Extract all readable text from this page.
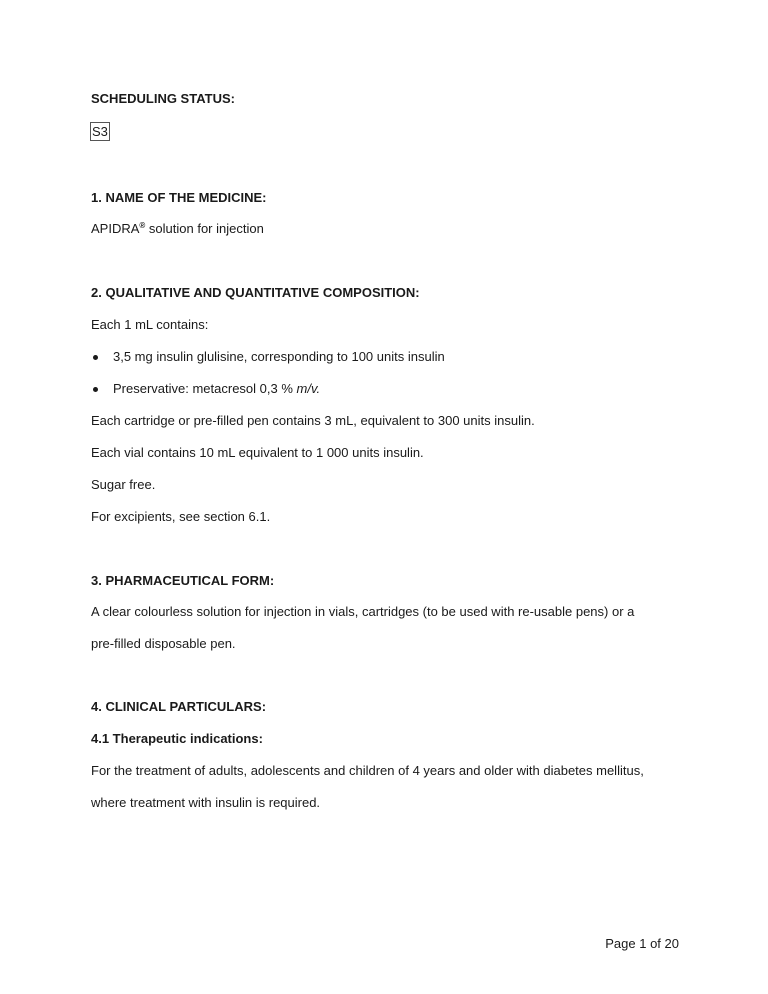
SCHEDULING STATUS:
S3
1. NAME OF THE MEDICINE:
APIDRA® solution for injection
2. QUALITATIVE AND QUANTITATIVE COMPOSITION:
Each 1 mL contains:
3,5 mg insulin glulisine, corresponding to 100 units insulin
Preservative: metacresol 0,3 % m/v.
Each cartridge or pre-filled pen contains 3 mL, equivalent to 300 units insulin.
Each vial contains 10 mL equivalent to 1 000 units insulin.
Sugar free.
For excipients, see section 6.1.
3. PHARMACEUTICAL FORM:
A clear colourless solution for injection in vials, cartridges (to be used with re-usable pens) or a
pre-filled disposable pen.
4. CLINICAL PARTICULARS:
4.1 Therapeutic indications:
For the treatment of adults, adolescents and children of 4 years and older with diabetes mellitus,
where treatment with insulin is required.
Page 1 of 20
